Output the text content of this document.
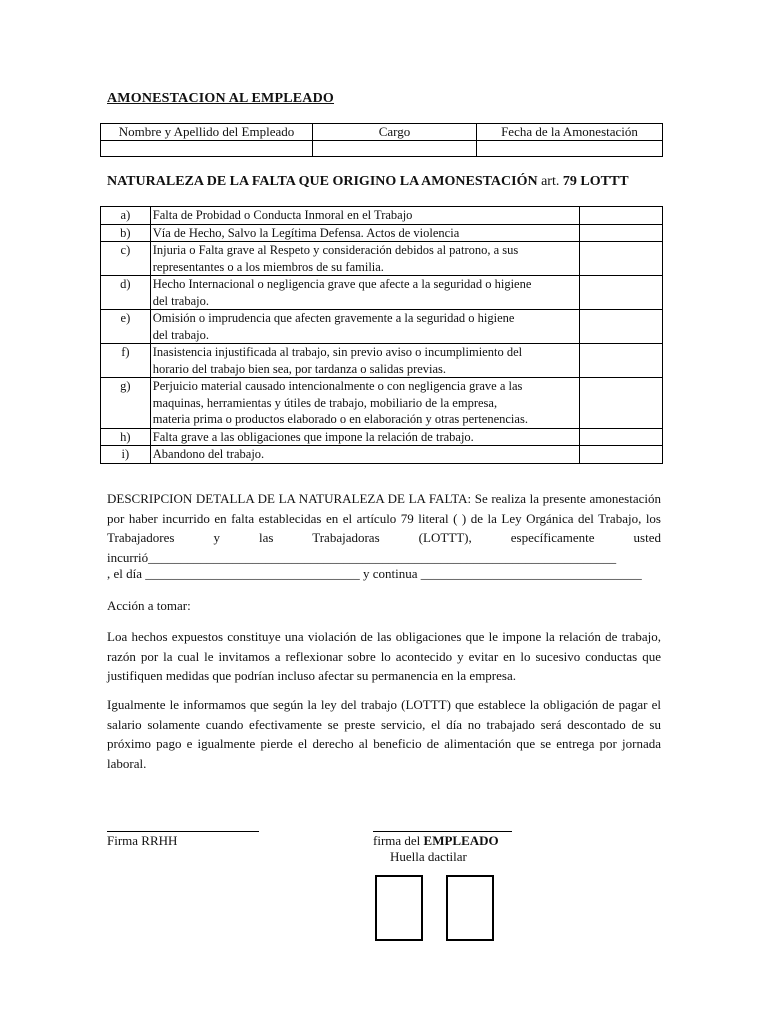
AMONESTACION AL EMPLEADO
Nombre y Apellido del Empleado	Cargo	Fecha de la Amonestación

NATURALEZA DE LA FALTA QUE ORIGINO LA AMONESTACIÓN art. 79 LOTTT
a)	Falta de Probidad o Conducta Inmoral en el Trabajo	

b)	Vía de Hecho, Salvo la Legítima Defensa. Actos de violencia	

c)	Injuria o Falta grave al Respeto y consideración debidos al patrono, a sus
representantes o a los miembros de su familia.	

d)	Hecho Internacional o negligencia grave que afecte a la seguridad o higiene
del trabajo.	

e)	Omisión o imprudencia que afecten gravemente a la seguridad o higiene
del trabajo.	

f)	Inasistencia injustificada al trabajo, sin previo aviso o incumplimiento del
horario del trabajo bien sea, por tardanza o salidas previas.	

g)	Perjuicio material causado intencionalmente o con negligencia grave a las
maquinas, herramientas y útiles de trabajo, mobiliario de la empresa,
materia prima o productos elaborado o en elaboración y otras pertenencias.	

h)	Falta grave a las obligaciones que impone la relación de trabajo.	

i)	Abandono del trabajo.	

DESCRIPCION DETALLA DE LA NATURALEZA DE LA FALTA: Se realiza la presente amonestación por haber incurrido en falta establecidas en el artículo 79 literal ( ) de la Ley Orgánica del Trabajo, los Trabajadores y las Trabajadoras (LOTTT), específicamente usted incurrió________________________________________________________________________
, el día _________________________________ y continua __________________________________
Acción a tomar:
Loa hechos expuestos constituye una violación de las obligaciones que le impone la relación de trabajo, razón por la cual le invitamos a reflexionar sobre lo acontecido y evitar en lo sucesivo conductas que justifiquen medidas que podrían incluso afectar su permanencia en la empresa.
Igualmente le informamos que según la ley del trabajo (LOTTT) que establece la obligación de pagar el salario solamente cuando efectivamente se preste servicio, el día no trabajado será descontado de su próximo pago e igualmente pierde el derecho al beneficio de alimentación que se entrega por jornada laboral.
Firma RRHH	firma del EMPLEADO
Huella dactilar
